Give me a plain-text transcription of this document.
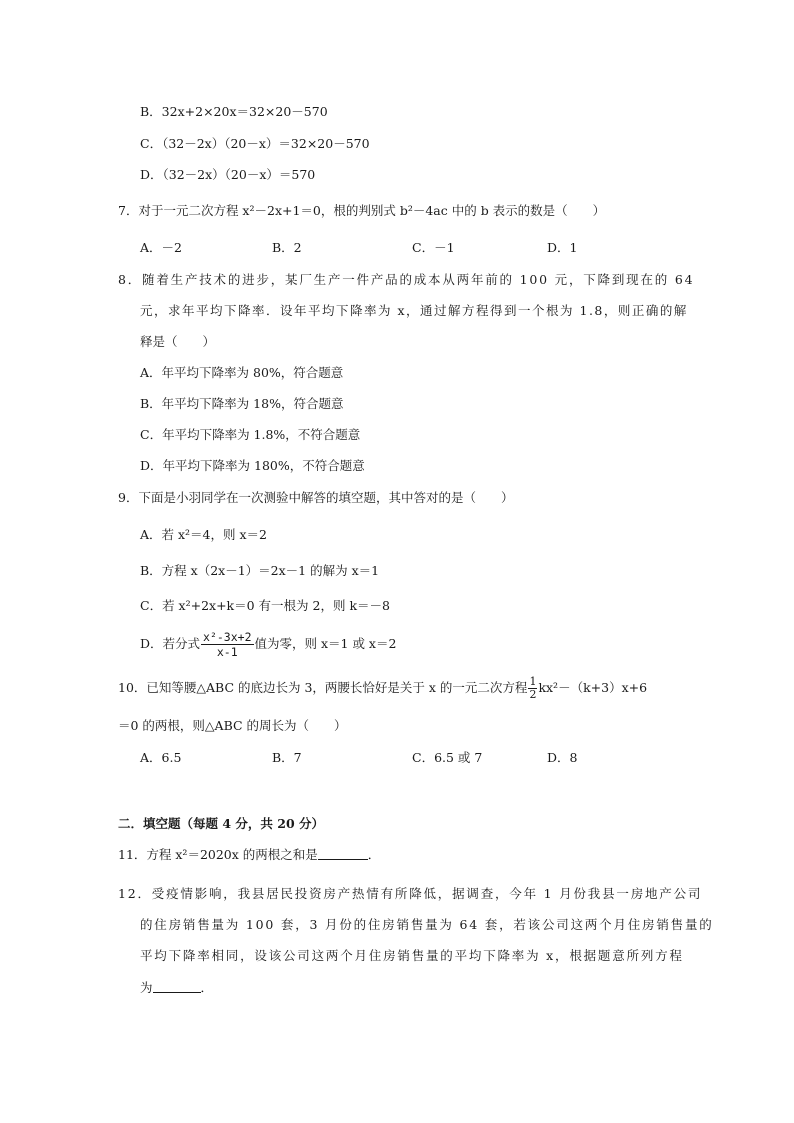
B．32x+2×20x＝32×20－570
C．（32－2x）（20－x）＝32×20－570
D．（32－2x）（20－x）＝570
7．对于一元二次方程 x²－2x+1＝0，根的判别式 b²－4ac 中的 b 表示的数是（　　）
A．－2	B．2	C．－1	D．1
8．随着生产技术的进步，某厂生产一件产品的成本从两年前的 100 元，下降到现在的 64
元，求年平均下降率．设年平均下降率为 x，通过解方程得到一个根为 1.8，则正确的解
释是（　　）
A．年平均下降率为 80%，符合题意
B．年平均下降率为 18%，符合题意
C．年平均下降率为 1.8%，不符合题意
D．年平均下降率为 180%，不符合题意
9．下面是小羽同学在一次测验中解答的填空题，其中答对的是（　　）
A．若 x²＝4，则 x＝2
B．方程 x（2x－1）＝2x－1 的解为 x＝1
C．若 x²+2x+k＝0 有一根为 2，则 k＝－8
D．若分式 $\frac{\text{x²-3x+2}}{x-1}$ 值为零，则 x＝1 或 x＝2
10．已知等腰△ABC 的底边长为 3，两腰长恰好是关于 x 的一元二次方程 $\frac{1}{2} kx^2-(k+3)x+6$
＝0 的两根，则△ABC 的周长为（　　）
A．6.5	B．7	C．6.5 或 7	D．8
二．填空题（每题 4 分，共 20 分）
11．方程 x²＝2020x 的两根之和是	．
12．受疫情影响，我县居民投资房产热情有所降低，据调查，今年 1 月份我县一房地产公司
的住房销售量为 100 套，3 月份的住房销售量为 64 套，若该公司这两个月住房销售量的
平均下降率相同，设该公司这两个月住房销售量的平均下降率为 x，根据题意所列方程
为	．
